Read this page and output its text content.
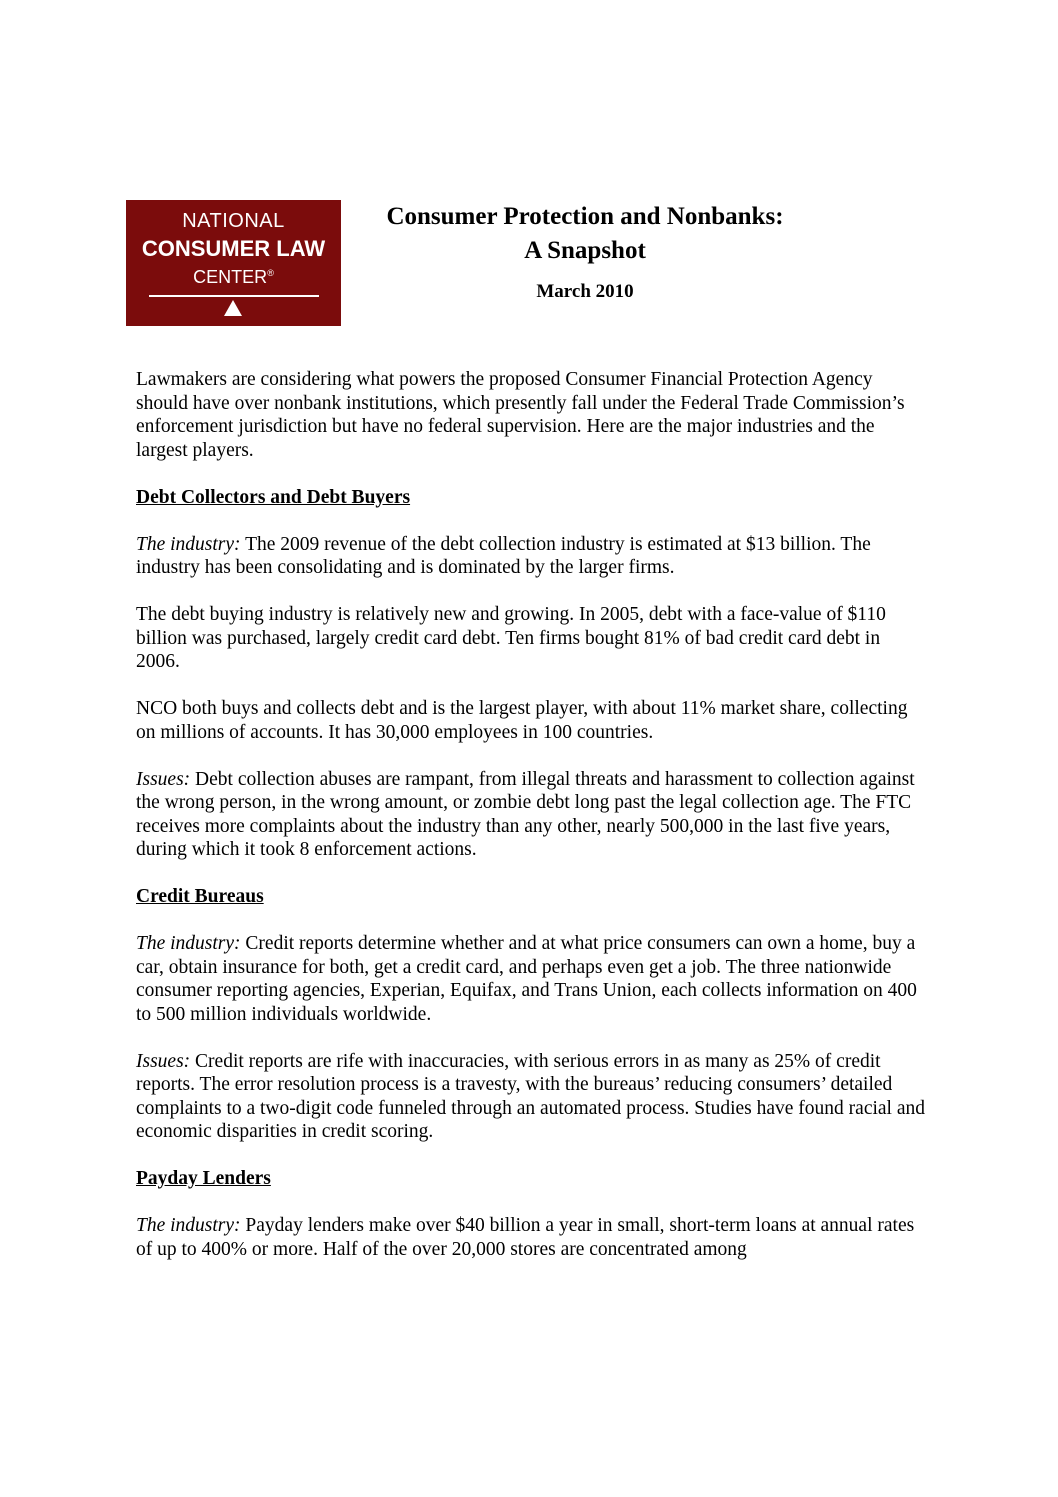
NATIONAL
CONSUMER LAW
CENTER®
Consumer Protection and Nonbanks:
A Snapshot
March 2010

Lawmakers are considering what powers the proposed Consumer Financial Protection Agency should have over nonbank institutions, which presently fall under the Federal Trade Commission’s enforcement jurisdiction but have no federal supervision. Here are the major industries and the largest players.

Debt Collectors and Debt Buyers

The industry: The 2009 revenue of the debt collection industry is estimated at $13 billion. The industry has been consolidating and is dominated by the larger firms.

The debt buying industry is relatively new and growing. In 2005, debt with a face-value of $110 billion was purchased, largely credit card debt. Ten firms bought 81% of bad credit card debt in 2006.

NCO both buys and collects debt and is the largest player, with about 11% market share, collecting on millions of accounts. It has 30,000 employees in 100 countries.

Issues: Debt collection abuses are rampant, from illegal threats and harassment to collection against the wrong person, in the wrong amount, or zombie debt long past the legal collection age. The FTC receives more complaints about the industry than any other, nearly 500,000 in the last five years, during which it took 8 enforcement actions.

Credit Bureaus

The industry: Credit reports determine whether and at what price consumers can own a home, buy a car, obtain insurance for both, get a credit card, and perhaps even get a job. The three nationwide consumer reporting agencies, Experian, Equifax, and Trans Union, each collects information on 400 to 500 million individuals worldwide.

Issues: Credit reports are rife with inaccuracies, with serious errors in as many as 25% of credit reports. The error resolution process is a travesty, with the bureaus’ reducing consumers’ detailed complaints to a two-digit code funneled through an automated process. Studies have found racial and economic disparities in credit scoring.

Payday Lenders

The industry: Payday lenders make over $40 billion a year in small, short-term loans at annual rates of up to 400% or more. Half of the over 20,000 stores are concentrated among
